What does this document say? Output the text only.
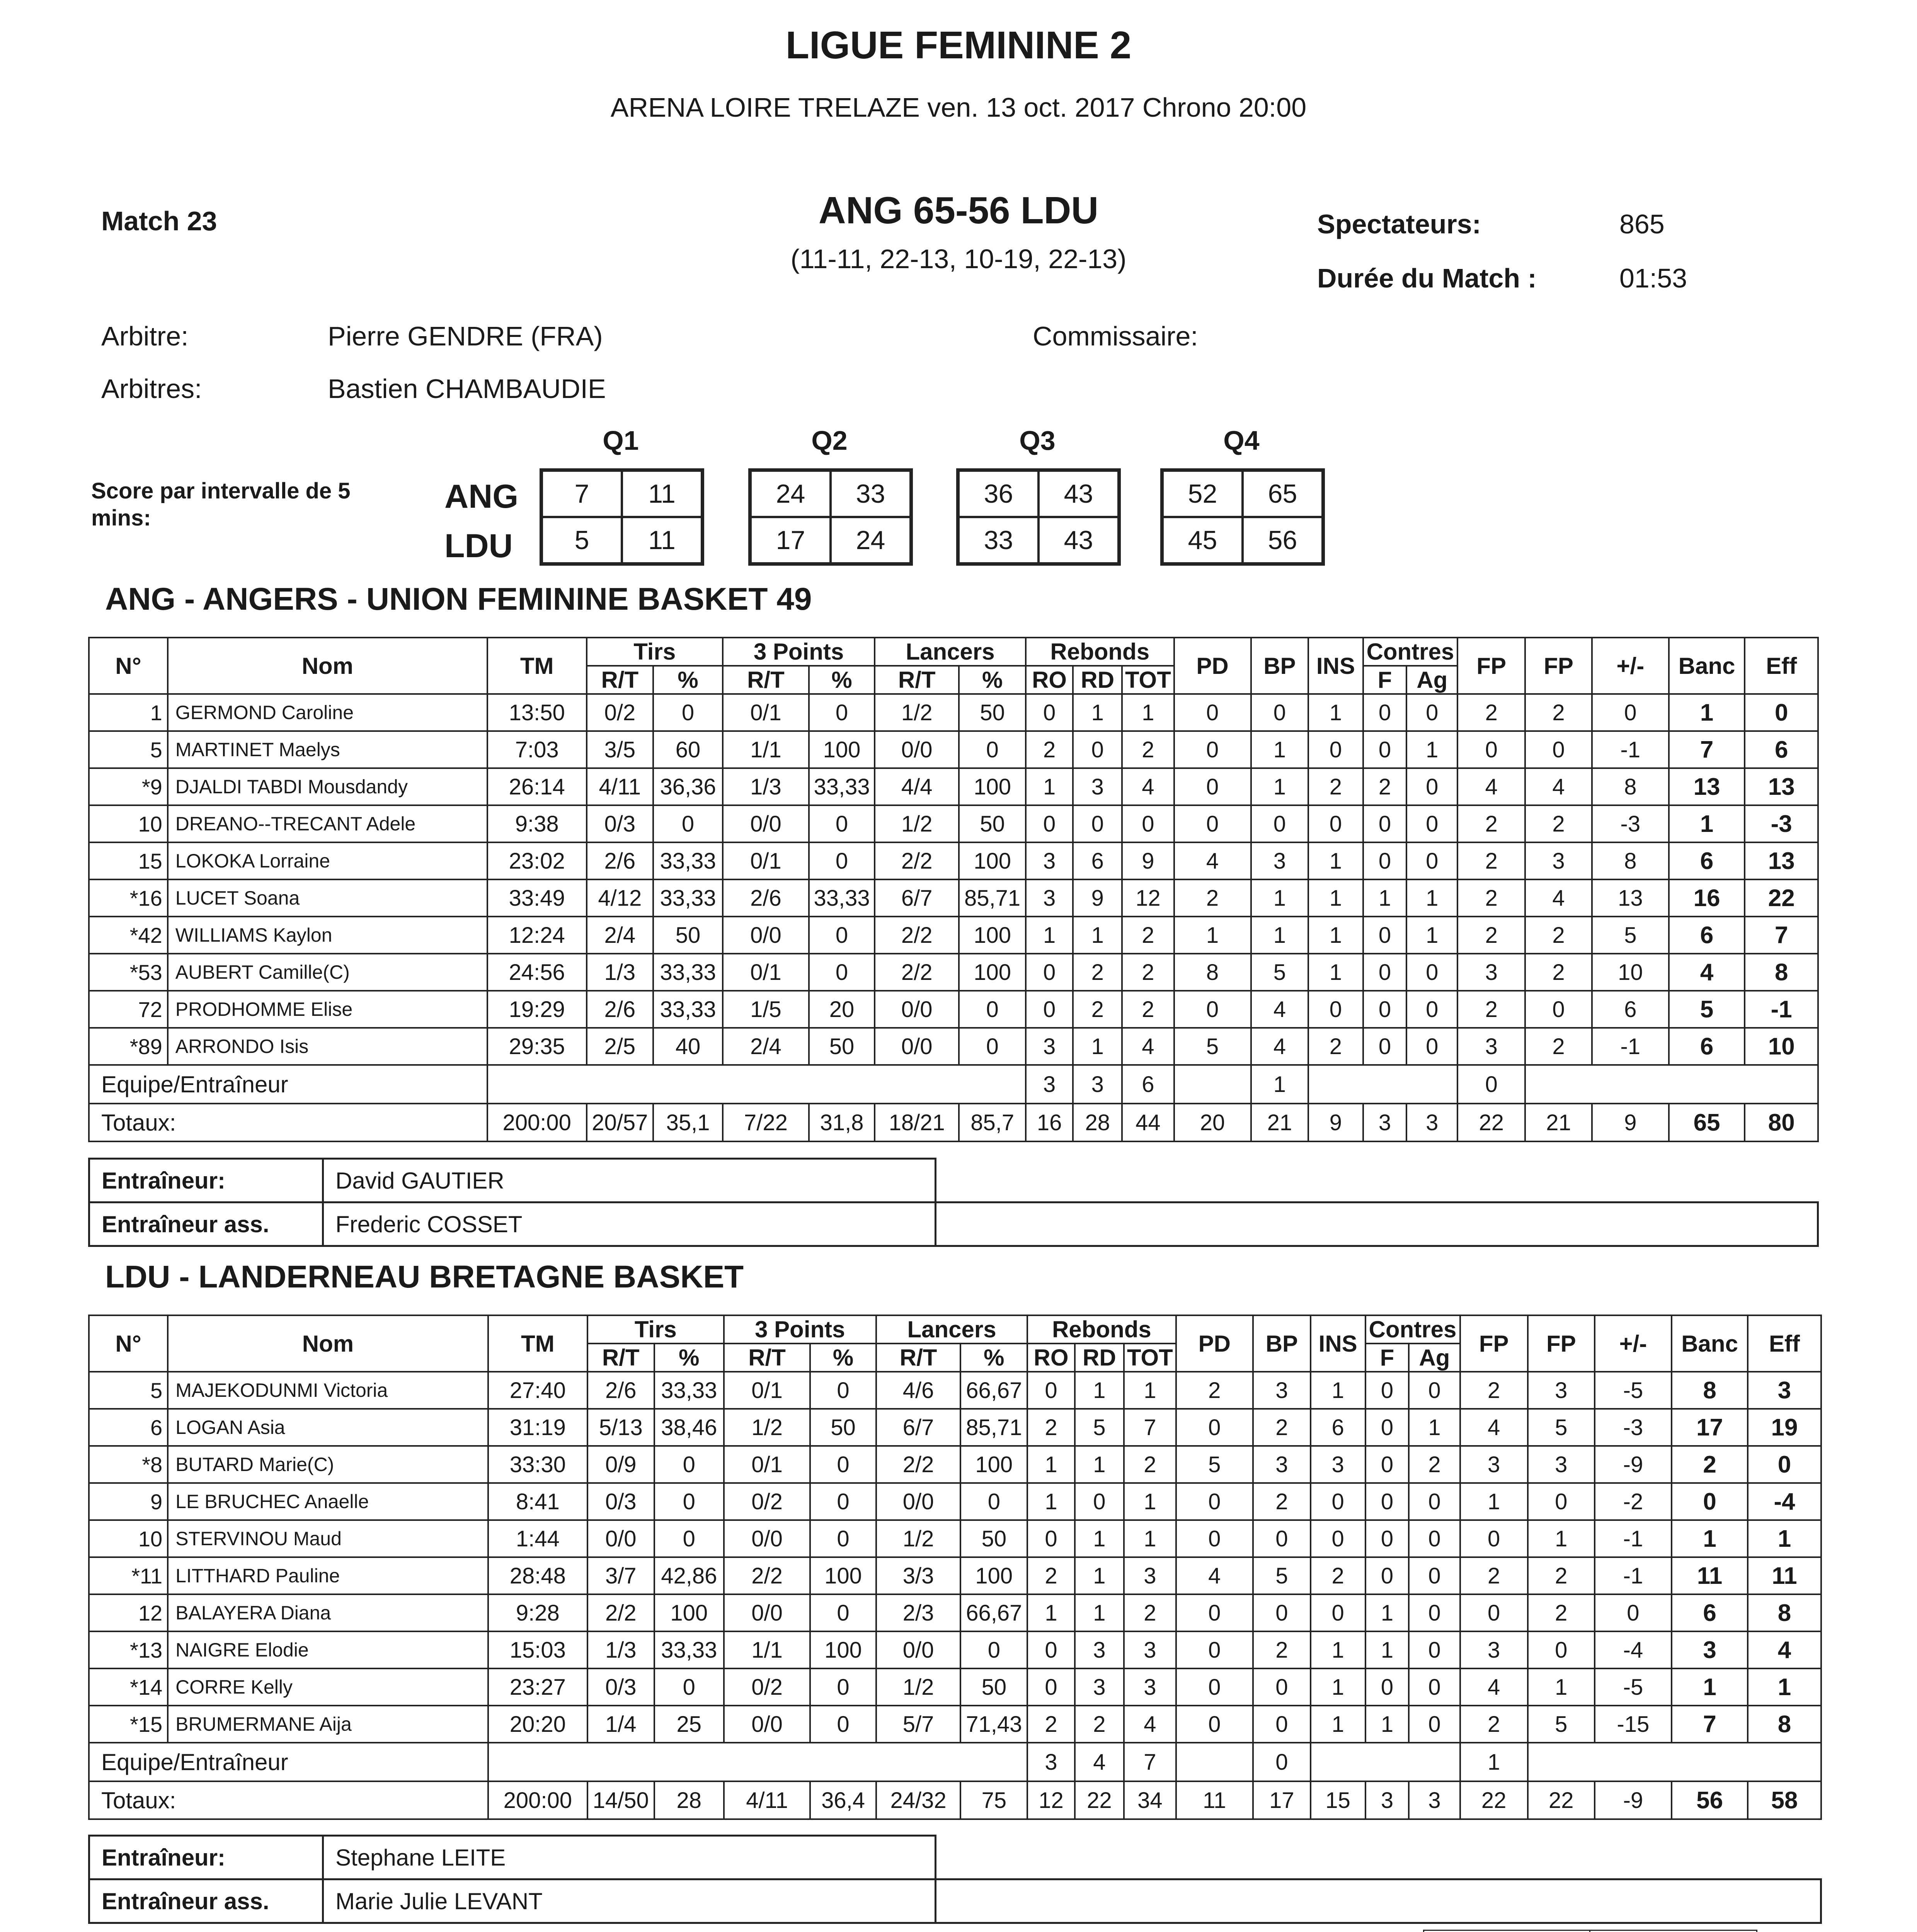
LIGUE FEMININE 2
ARENA LOIRE TRELAZE ven. 13 oct. 2017 Chrono 20:00
Match 23	ANG 65-56 LDU
(11-11, 22-13, 10-19, 22-13)
Spectateurs:	865
Durée du Match :	01:53
Arbitre:	Pierre GENDRE (FRA)	Commissaire:
Arbitres:	Bastien CHAMBAUDIE
Score par intervalle de 5 mins:
ANG
LDU
Q1
7	11
5	11
Q2
24	33
17	24
Q3
36	43
33	43
Q4
52	65
45	56
ANG - ANGERS - UNION FEMININE BASKET 49
N°	Nom	TM	Tirs		3 Points		Lancers		Rebonds			PD	BP	INS	Contres		FP	FP	+/-	Banc	Eff
			R/T	%	R/T	%	R/T	%	RO	RD	TOT				F	Ag					
1	GERMOND Caroline	13:50	0/2	0	0/1	0	1/2	50	0	1	1	0	0	1	0	0	2	2	0	1	0
5	MARTINET Maelys	7:03	3/5	60	1/1	100	0/0	0	2	0	2	0	1	0	0	1	0	0	-1	7	6
*9	DJALDI TABDI Mousdandy	26:14	4/11	36,36	1/3	33,33	4/4	100	1	3	4	0	1	2	2	0	4	4	8	13	13
10	DREANO--TRECANT Adele	9:38	0/3	0	0/0	0	1/2	50	0	0	0	0	0	0	0	0	2	2	-3	1	-3
15	LOKOKA Lorraine	23:02	2/6	33,33	0/1	0	2/2	100	3	6	9	4	3	1	0	0	2	3	8	6	13
*16	LUCET Soana	33:49	4/12	33,33	2/6	33,33	6/7	85,71	3	9	12	2	1	1	1	1	2	4	13	16	22
*42	WILLIAMS Kaylon	12:24	2/4	50	0/0	0	2/2	100	1	1	2	1	1	1	0	1	2	2	5	6	7
*53	AUBERT Camille(C)	24:56	1/3	33,33	0/1	0	2/2	100	0	2	2	8	5	1	0	0	3	2	10	4	8
72	PRODHOMME Elise	19:29	2/6	33,33	1/5	20	0/0	0	0	2	2	0	4	0	0	0	2	0	6	5	-1
*89	ARRONDO Isis	29:35	2/5	40	2/4	50	0/0	0	3	1	4	5	4	2	0	0	3	2	-1	6	10
Equipe/Entraîneur									3	3	6		1				0				
Totaux:		200:00	20/57	35,1	7/22	31,8	18/21	85,7	16	28	44	20	21	9	3	3	22	21	9	65	80
Entraîneur:	David GAUTIER	
Entraîneur ass.	Frederic COSSET	
LDU - LANDERNEAU BRETAGNE BASKET
N°	Nom	TM	Tirs		3 Points		Lancers		Rebonds			PD	BP	INS	Contres		FP	FP	+/-	Banc	Eff
			R/T	%	R/T	%	R/T	%	RO	RD	TOT				F	Ag					
5	MAJEKODUNMI Victoria	27:40	2/6	33,33	0/1	0	4/6	66,67	0	1	1	2	3	1	0	0	2	3	-5	8	3
6	LOGAN Asia	31:19	5/13	38,46	1/2	50	6/7	85,71	2	5	7	0	2	6	0	1	4	5	-3	17	19
*8	BUTARD Marie(C)	33:30	0/9	0	0/1	0	2/2	100	1	1	2	5	3	3	0	2	3	3	-9	2	0
9	LE BRUCHEC Anaelle	8:41	0/3	0	0/2	0	0/0	0	1	0	1	0	2	0	0	0	1	0	-2	0	-4
10	STERVINOU Maud	1:44	0/0	0	0/0	0	1/2	50	0	1	1	0	0	0	0	0	0	1	-1	1	1
*11	LITTHARD Pauline	28:48	3/7	42,86	2/2	100	3/3	100	2	1	3	4	5	2	0	0	2	2	-1	11	11
12	BALAYERA Diana	9:28	2/2	100	0/0	0	2/3	66,67	1	1	2	0	0	0	1	0	0	2	0	6	8
*13	NAIGRE Elodie	15:03	1/3	33,33	1/1	100	0/0	0	0	3	3	0	2	1	1	0	3	0	-4	3	4
*14	CORRE Kelly	23:27	0/3	0	0/2	0	1/2	50	0	3	3	0	0	1	0	0	4	1	-5	1	1
*15	BRUMERMANE Aija	20:20	1/4	25	0/0	0	5/7	71,43	2	2	4	0	0	1	1	0	2	5	-15	7	8
Equipe/Entraîneur									3	4	7		0				1				
Totaux:		200:00	14/50	28	4/11	36,4	24/32	75	12	22	34	11	17	15	3	3	22	22	-9	56	58
Entraîneur:	Stephane LEITE	
Entraîneur ass.	Marie Julie LEVANT	
